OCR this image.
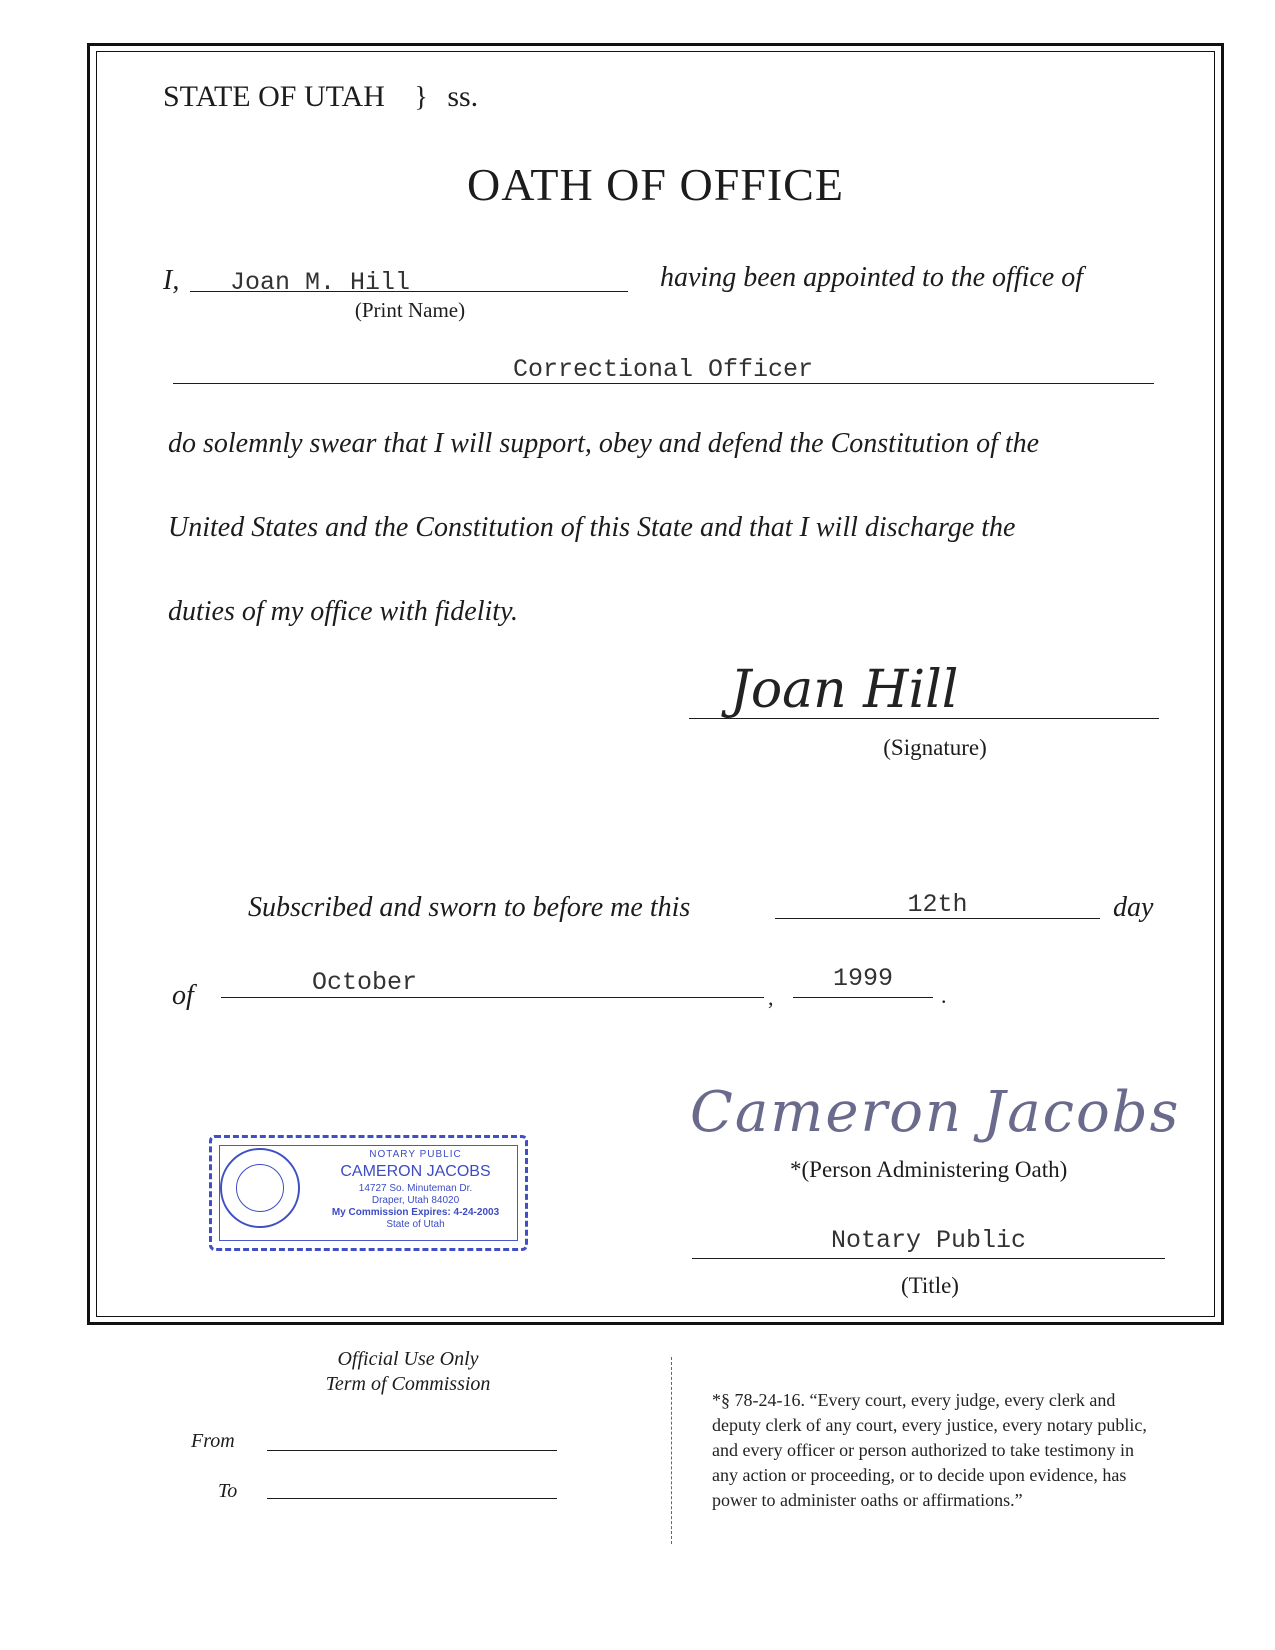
STATE OF UTAH } ss.
OATH OF OFFICE
I, Joan M. Hill	having been appointed to the office of
(Print Name)
Correctional Officer
do solemnly swear that I will support, obey and defend the Constitution of the
United States and the Constitution of this State and that I will discharge the
duties of my office with fidelity.
Joan Hill
(Signature)
Subscribed and sworn to before me this	12th	day
of	October
,
1999
.
Cameron Jacobs
*(Person Administering Oath)
NOTARY PUBLIC
CAMERON JACOBS
14727 So. Minuteman Dr.
Draper, Utah 84020
My Commission Expires: 4-24-2003
State of Utah
Notary Public
(Title)
Official Use Only
Term of Commission
From
To
*§ 78-24-16. “Every court, every judge, every clerk and
deputy clerk of any court, every justice, every notary public,
and every officer or person authorized to take testimony in
any action or proceeding, or to decide upon evidence, has
power to administer oaths or affirmations.”
